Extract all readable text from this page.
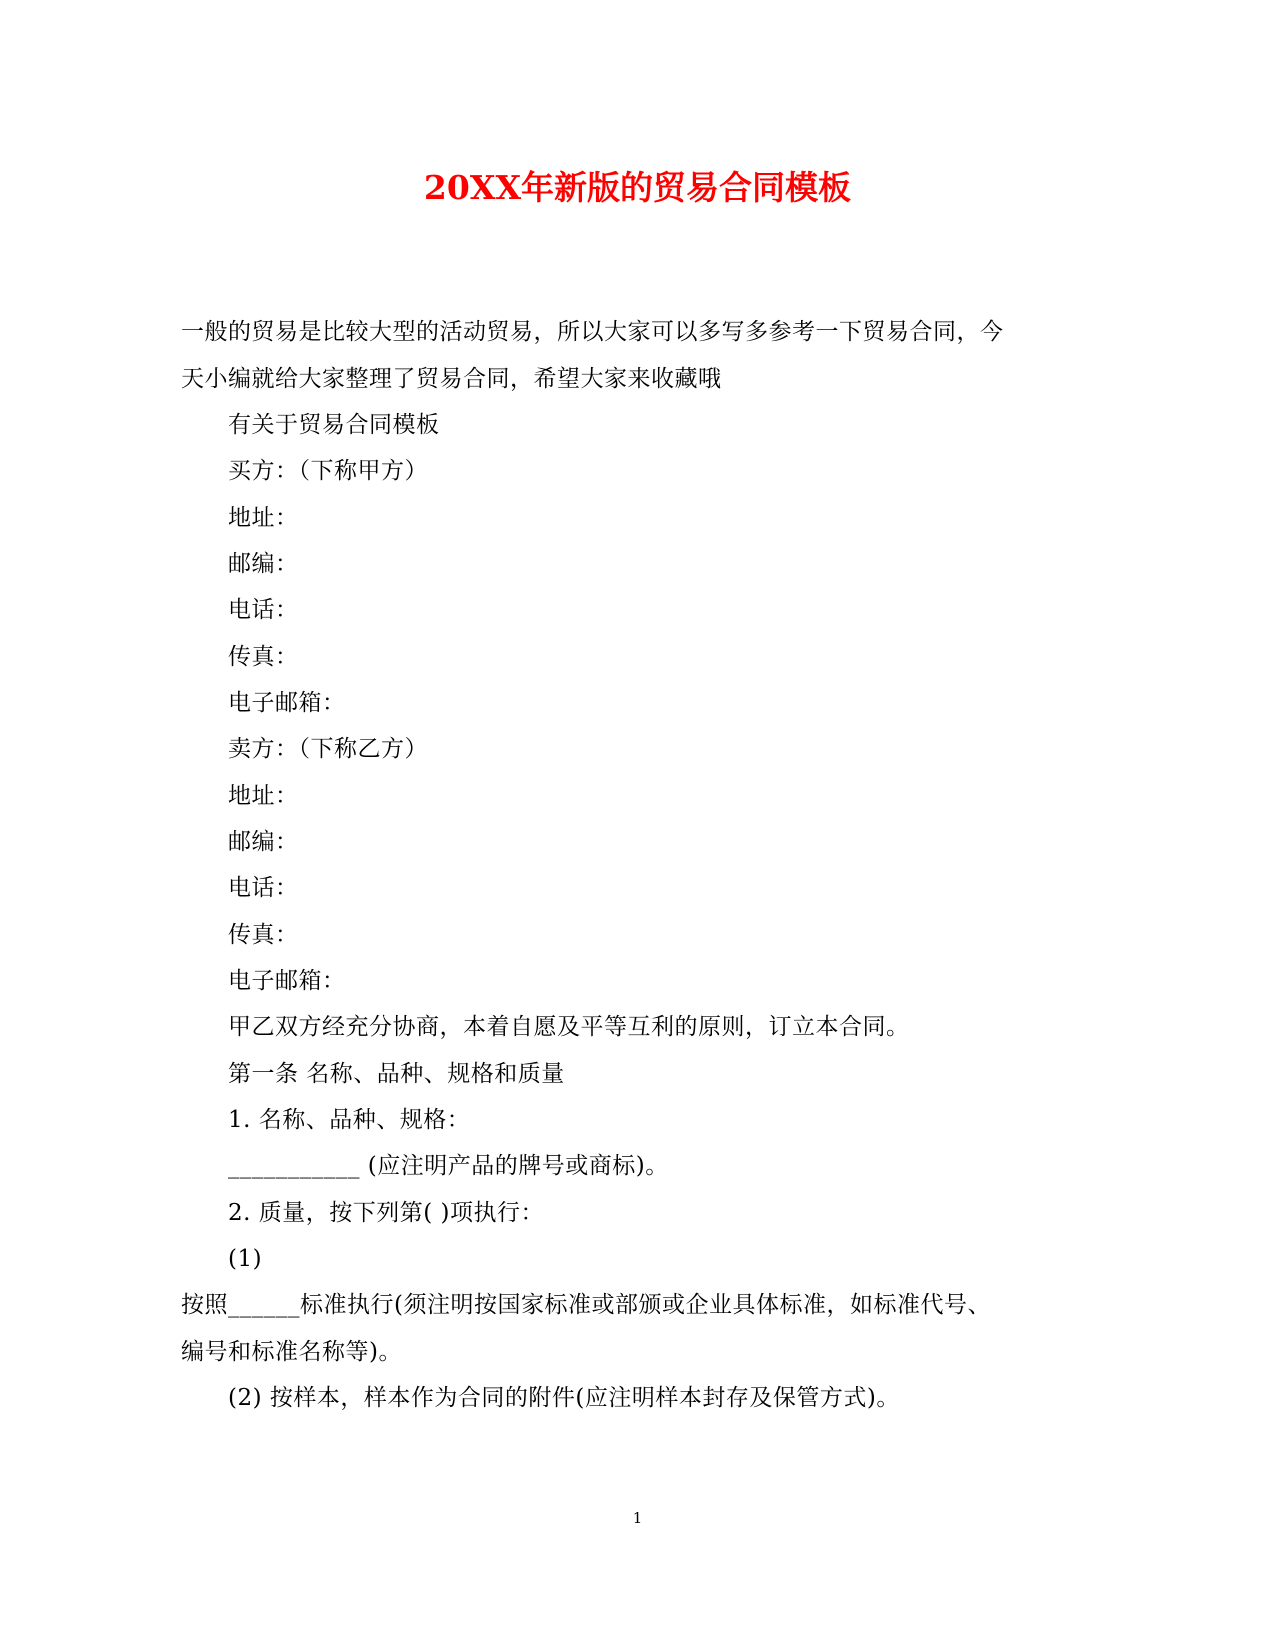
20XX年新版的贸易合同模板
一般的贸易是比较大型的活动贸易，所以大家可以多写多参考一下贸易合同，今
天小编就给大家整理了贸易合同，希望大家来收藏哦
有关于贸易合同模板
买方：（下称甲方）
地址：
邮编：
电话：
传真：
电子邮箱：
卖方：（下称乙方）
地址：
邮编：
电话：
传真：
电子邮箱：
甲乙双方经充分协商，本着自愿及平等互利的原则，订立本合同。
第一条 名称、品种、规格和质量
1. 名称、品种、规格：
___________ (应注明产品的牌号或商标)。
2. 质量，按下列第( )项执行：
(1)
按照______标准执行(须注明按国家标准或部颁或企业具体标准，如标准代号、
编号和标准名称等)。
(2) 按样本，样本作为合同的附件(应注明样本封存及保管方式)。
1
